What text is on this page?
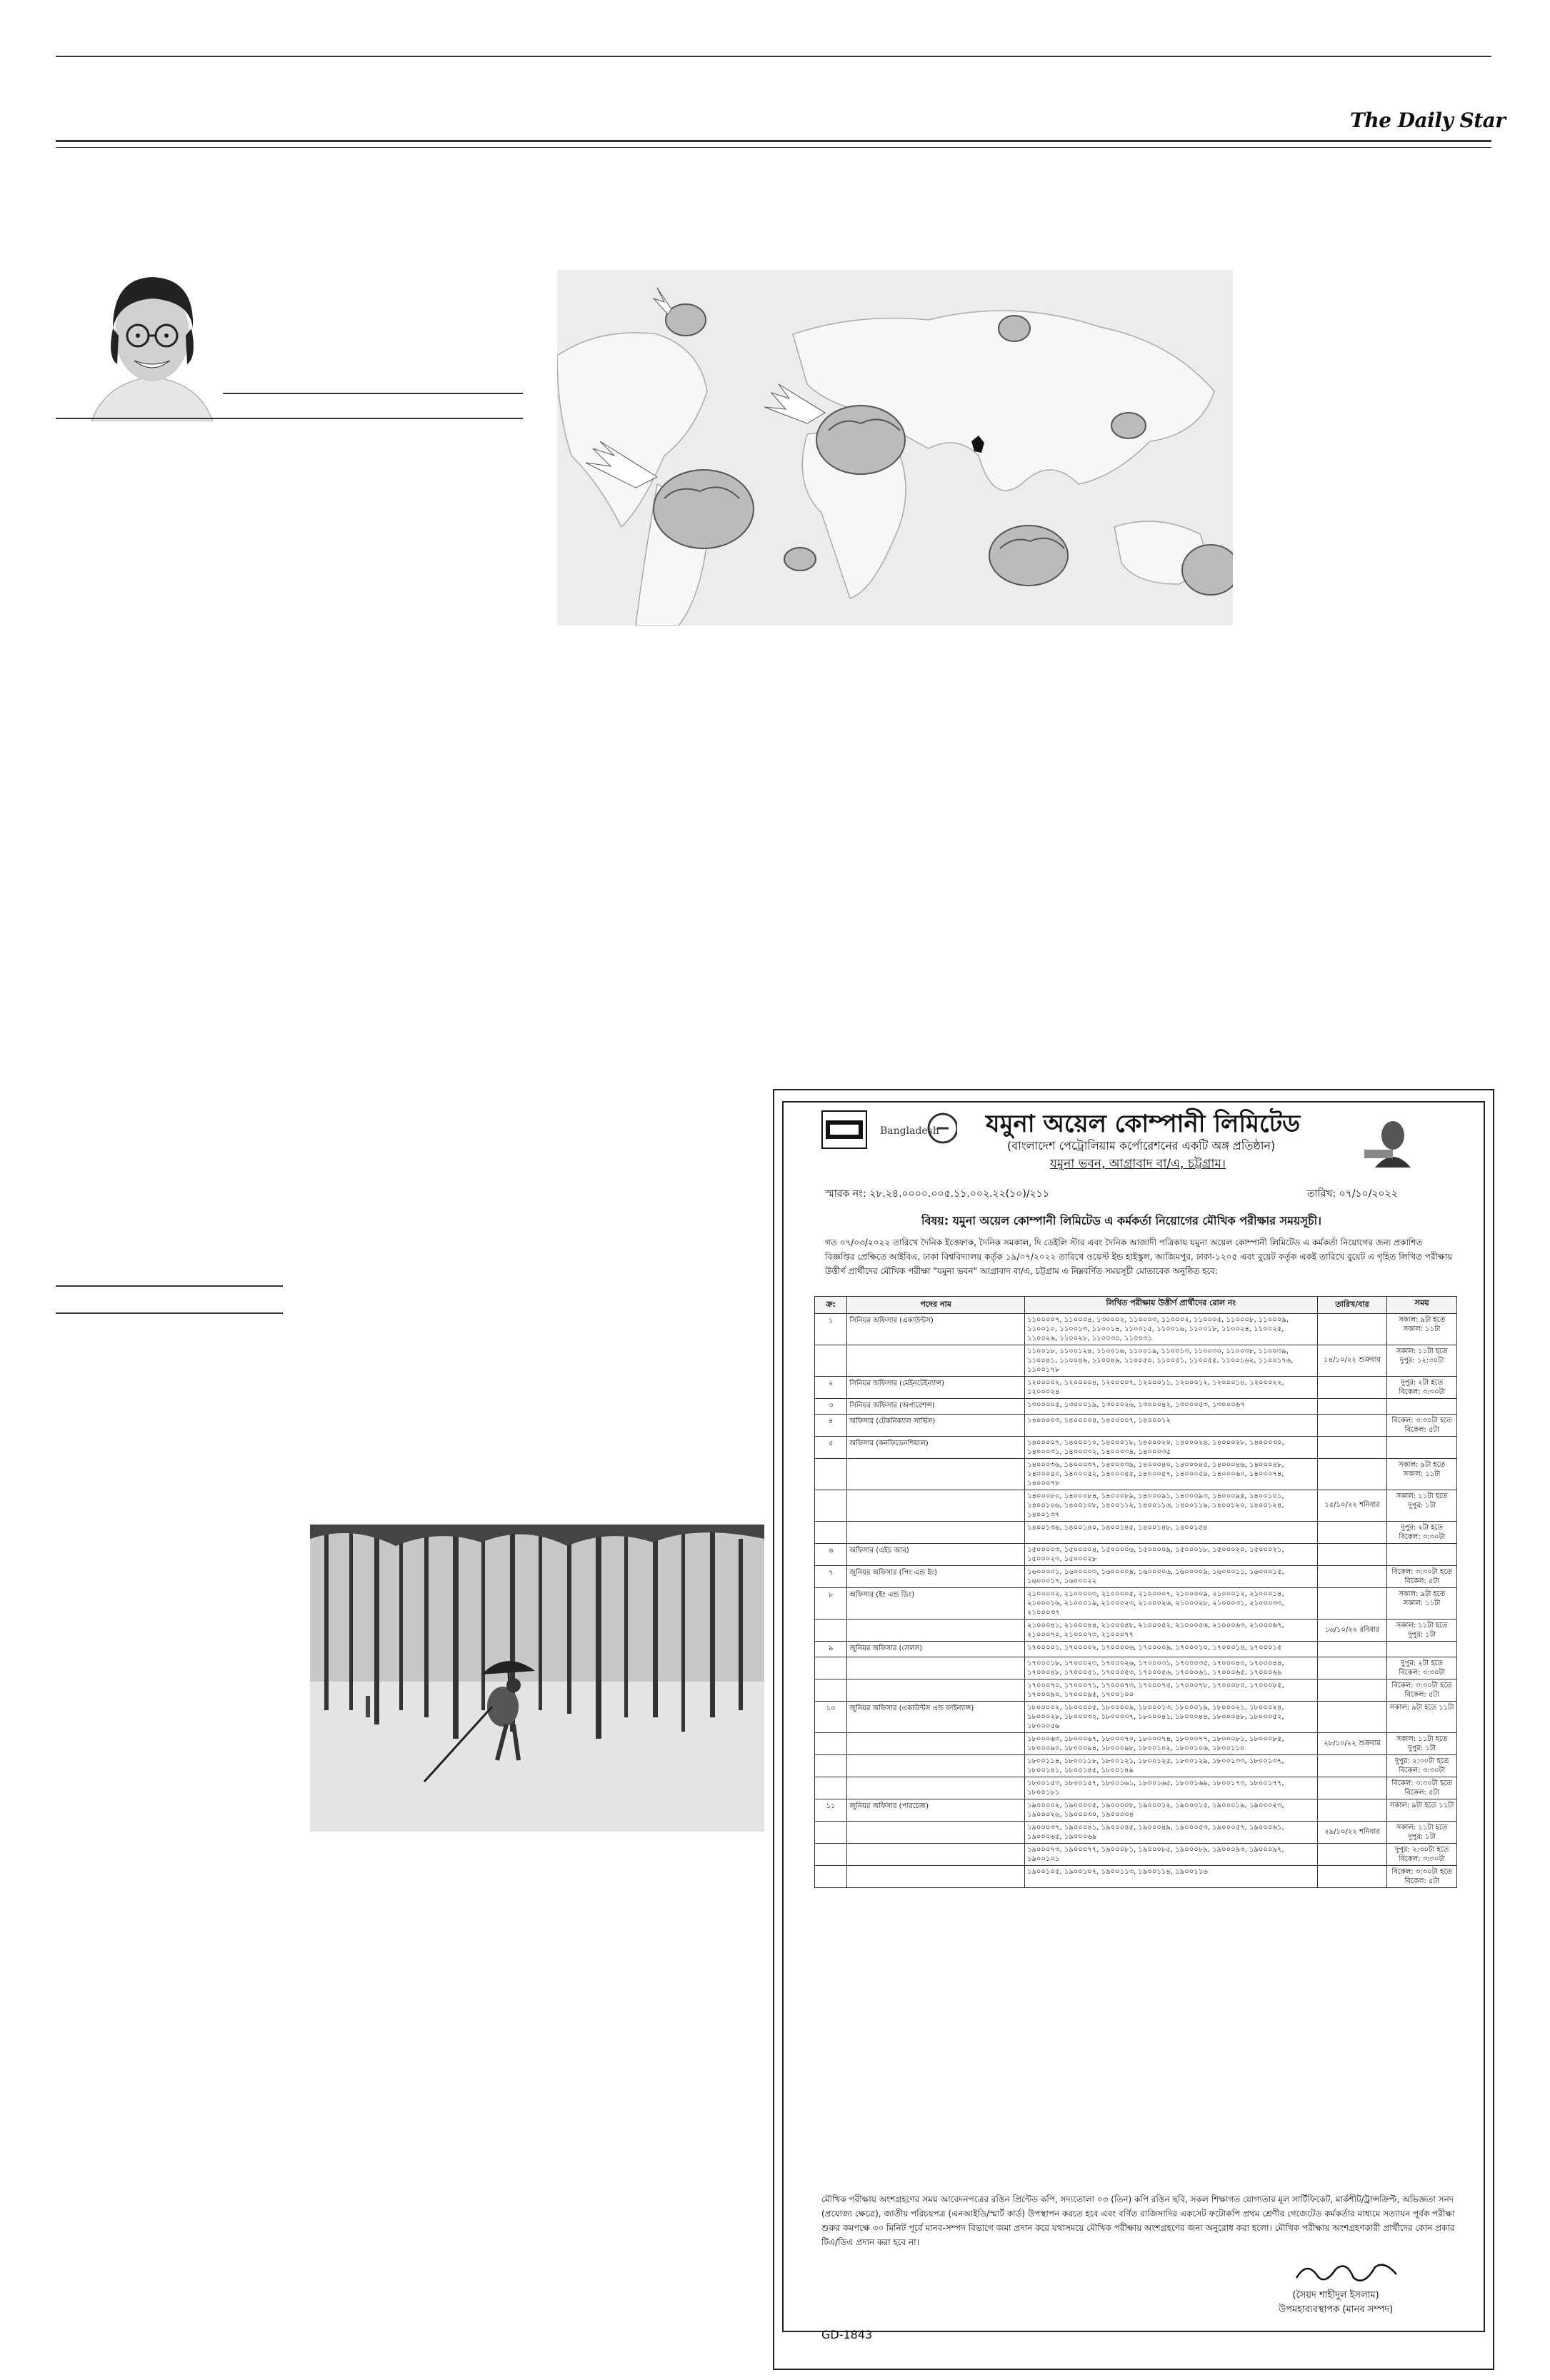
The Daily Star
Bangladesh যমুনা অয়েল কোম্পানী লিমিটেড
(বাংলাদেশ পেট্রোলিয়াম কর্পোরেশনের একটি অঙ্গ প্রতিষ্ঠান)
যমুনা ভবন, আগ্রাবাদ বা/এ, চট্টগ্রাম।
স্মারক নং: ২৮.২৪.০০০০.০০৫.১১.০০২.২২(১০)/২১১	তারিখ: ০৭/১০/২০২২
বিষয়: যমুনা অয়েল কোম্পানী লিমিটেড এ কর্মকর্তা নিয়োগের মৌখিক পরীক্ষার সময়সূচী।
গত ০৭/০৩/২০২২ তারিখে দৈনিক ইত্তেফাক, দৈনিক সমকাল, দি ডেইলি স্টার এবং দৈনিক আজাদী পত্রিকায় যমুনা অয়েল কোম্পানী লিমিটেড এ কর্মকর্তা নিয়োগের জন্য প্রকাশিত বিজ্ঞপ্তির প্রেক্ষিতে আইবিএ, ঢাকা বিশ্ববিদ্যালয় কর্তৃক ১৯/০৭/২০২২ তারিখে ওয়েস্ট ইন্ড হাইস্কুল, আজিমপুর, ঢাকা-১২০৫ এবং বুয়েট কর্তৃক একই তারিখে বুয়েট এ গৃহিত লিখিত পরীক্ষায় উত্তীর্ণ প্রার্থীদের মৌখিক পরীক্ষা "যমুনা ভবন" আগ্রাবাদ বা/এ, চট্টগ্রাম এ নিম্নবর্ণিত সময়সূচী মোতাবেক অনুষ্ঠিত হবে:
ক্র:	পদের নাম	লিখিত পরীক্ষায় উত্তীর্ণ প্রার্থীদের রোল নং	তারিখ/বার	সময়
১	সিনিয়র অফিসার (একাউন্টস)	১১০০০০৭, ১১০০০৪, ১৩০০০২, ১১০০০৩, ১১০০০২, ১১০০০৫, ১১০০০৮, ১১০০০৯, ১১০০১০, ১১০০১৩, ১১০০১৪, ১১০০১৫, ১১০০১৬, ১১০০১৮, ১১০০২৪, ১১০০২৫, ১১০০২৬, ১১০০২৮, ১১০০৩০, ১১০০৩১		সকাল: ৯টা হতে সকাল: ১১টা
		১১০০১৮, ১১০০১২৪, ১১০০১৬, ১১০০১৯, ১১০০১৩, ১১০০৩০, ১১০০৩৮, ১১০০৩৯, ১১০০৪১, ১১০০৪৬, ১১০০৪৯, ১১০০৫০, ১১০০৫১, ১১০০৫৫, ১১০০১৬২, ১১০০১৭৬, ১১০০১৭৮	১৪/১০/২২ শুক্রবার	সকাল: ১১টা হতে দুপুর: ১২:৩০টা
২	সিনিয়র অফিসার (মেইনটেইন্যান্স)	১২০০০০২, ১২০০০০৪, ১২০০০০৭, ১২০০০১১, ১২০০০১২, ১২০০০১৪, ১২০০০২২, ১২০০০২৪		দুপুর: ২টা হতে বিকেল: ৩:৩০টা
৩	সিনিয়র অফিসার (অপারেশন্স)	১৩০০০০৫, ১৩০০০১৯, ১৩০০০২৬, ১৩০০০৪২, ১৩০০০৫৩, ১৩০০০৬৭		
৪	অফিসার (টেকনিক্যাল সার্ভিস)	১৪০০০০৩, ১৪০০০০৪, ১৪০০০০৭, ১৪০০০১২		বিকেল: ৩:৩০টা হতে বিকেল: ৫টা
৫	অফিসার (কনফিডেনশিয়াল)	১৪০০০০৭, ১৪০০০১০, ১৪০০০১৮, ১৪০০০২০, ১৪০০০২৪, ১৪০০০২৮, ১৪০০০৩০, ১৪০০০৩১, ১৪০০০৩২, ১৪০০০৩৪, ১৪০০০৩৫		
		১৪০০০৩৬, ১৪০০০৩৭, ১৪০০০৩৯, ১৪০০০৪০, ১৪০০০৪৫, ১৪০০০৪৬, ১৪০০০৪৮, ১৪০০০৫০, ১৪০০০৫২, ১৪০০০৫৫, ১৪০০০৫৭, ১৪০০০৫৯, ১৪০০০৬০, ১৪০০০৭৪, ১৪০০০৭৮		সকাল: ৯টা হতে সকাল: ১১টা
		১৪০০০৮০, ১৪০০০৮৪, ১৪০০০৮৯, ১৪০০০৯১, ১৪০০০৯৩, ১৪০০০৯৫, ১৪০০১০১, ১৪০০১০৬, ১৪০০১০৮, ১৪০০১১২, ১৪০০১১৬, ১৪০০১১৯, ১৪০০১২০, ১৪০০১২৪, ১৪০০১৩৭	১৫/১০/২২ শনিবার	সকাল: ১১টা হতে দুপুর: ১টা
		১৪০০১৩৯, ১৪০০১৪০, ১৪০০১৪৫, ১৪০০১৪৮, ১৪০০১৫৪		দুপুর: ২টা হতে বিকেল: ৩:৩০টা
৬	অফিসার (এইচ আর)	১৫০০০০৩, ১৫০০০০৪, ১৫০০০০৬, ১৫০০০০৯, ১৫০০০১৮, ১৫০০০২০, ১৫০০০২১, ১৫০০০২৩, ১৫০০০২৮		
৭	জুনিয়র অফিসার (পিং এন্ড ইং)	১৬০০০০১, ১৬০০০০৩, ১৬০০০০৪, ১৬০০০০৬, ১৬০০০০৯, ১৬০০০১১, ১৬০০০১৫, ১৬০০০১৭, ১৬০০০২২		বিকেল: ৩:৩০টা হতে বিকেল: ৫টা
৮	অফিসার (ইং এন্ড ডিং)	২১০০০০২, ২১০০০০৩, ২১০০০০৫, ২১০০০০৭, ২১০০০০৯, ২১০০০১২, ২১০০০১৪, ২১০০০১৬, ২১০০০১৯, ২১০০০২৩, ২১০০০২৬, ২১০০০২৮, ২১০০০৩১, ২১০০০৩৩, ২১০০০৩৭		সকাল: ৯টা হতে সকাল: ১১টা
		২১০০০৪১, ২১০০০৪৪, ২১০০০৪৮, ২১০০০৫২, ২১০০০৫৬, ২১০০০৬৩, ২১০০০৬৭, ২১০০০৭০, ২১০০০৭৩, ২১০০০৭৭	১৬/১০/২২ রবিবার	সকাল: ১১টা হতে দুপুর: ১টা
৯	জুনিয়র অফিসার (সেলস)	১৭০০০০১, ১৭০০০০২, ১৭০০০০৬, ১৭০০০০৯, ১৭০০০১০, ১৭০০০১৪, ১৭০০০১৫		
		১৭০০০১৮, ১৭০০০২৩, ১৭০০০২৬, ১৭০০০৩১, ১৭০০০৩৫, ১৭০০০৪০, ১৭০০০৪৪, ১৭০০০৪৮, ১৭০০০৫১, ১৭০০০৫৩, ১৭০০০৫৬, ১৭০০০৬১, ১৭০০০৬৫, ১৭০০০৬৯		দুপুর: ২টা হতে বিকেল: ৩:৩০টা
		১৭০০০৭০, ১৭০০০৭১, ১৭০০০৭৩, ১৭০০০৭৫, ১৭০০০৭৮, ১৭০০০৮০, ১৭০০০৮৫, ১৭০০০৯০, ১৭০০০৯৫, ১৭০০১০০		বিকেল: ৩:৩০টা হতে বিকেল: ৫টা
১০	জুনিয়র অফিসার (একাউন্টস এন্ড ফাইন্যান্স)	১৮০০০০২, ১৮০০০০৫, ১৮০০০০৯, ১৮০০০১৩, ১৮০০০১৯, ১৮০০০২১, ১৮০০০২৪, ১৮০০০২৮, ১৮০০০৩২, ১৮০০০৩৭, ১৮০০০৪১, ১৮০০০৪৪, ১৮০০০৪৮, ১৮০০০৫২, ১৮০০০৫৬		সকাল: ৯টা হতে ১১টা
		১৮০০০৬৩, ১৮০০০৬৭, ১৮০০০৭০, ১৮০০০৭৪, ১৮০০০৭৭, ১৮০০০৮১, ১৮০০০৮৫, ১৮০০০৯০, ১৮০০০৯৪, ১৮০০০৯৮, ১৮০০১০২, ১৮০০১০৬, ১৮০০১১০	২৮/১০/২২ শুক্রবার	সকাল: ১১টা হতে দুপুর: ১টা
		১৮০০১১৪, ১৮০০১১৮, ১৮০০১২১, ১৮০০১২৫, ১৮০০১২৯, ১৮০০১৩৩, ১৮০০১৩৭, ১৮০০১৪১, ১৮০০১৪৫, ১৮০০১৪৯		দুপুর: ২:৩০টা হতে বিকেল: ৩:৩০টা
		১৮০০১৫৩, ১৮০০১৫৭, ১৮০০১৬১, ১৮০০১৬৫, ১৮০০১৬৯, ১৮০০১৭৩, ১৮০০১৭৭, ১৮০০১৮১		বিকেল: ৩:৩০টা হতে বিকেল: ৫টা
১১	জুনিয়র অফিসার (পারচেজ)	১৯০০০০২, ১৯০০০০৫, ১৯০০০০৮, ১৯০০০১২, ১৯০০০১৫, ১৯০০০১৯, ১৯০০০২৩, ১৯০০০২৬, ১৯০০০৩০, ১৯০০০৩৪		সকাল: ৯টা হতে ১১টা
		১৯০০০৩৭, ১৯০০০৪১, ১৯০০০৪৫, ১৯০০০৪৯, ১৯০০০৫৩, ১৯০০০৫৭, ১৯০০০৬১, ১৯০০০৬৫, ১৯০০০৬৯	২৯/১০/২২ শনিবার	সকাল: ১১টা হতে দুপুর: ১টা
		১৯০০০৭৩, ১৯০০০৭৭, ১৯০০০৮১, ১৯০০০৮৫, ১৯০০০৮৯, ১৯০০০৯৩, ১৯০০০৯৭, ১৯০০১০১		দুপুর: ২:৩০টা হতে বিকেল: ৩:৩০টা
		১৯০০১০৫, ১৯০০১০৭, ১৯০০১১৩, ১৯০০১১৪, ১৯০০১১৬		বিকেল: ৩:৩০টা হতে বিকেল: ৫টা
মৌখিক পরীক্ষায় অংশগ্রহণের সময় আবেদনপত্রের রঙিন প্রিন্টেড কপি, সদ্যতোলা ০৩ (তিন) কপি রঙিন ছবি, সকল শিক্ষাগত যোগ্যতার মূল সার্টিফিকেট, মার্কশীট/ট্রান্সক্রিপ্ট, অভিজ্ঞতা সনদ (প্রযোজ্য ক্ষেত্রে), জাতীয় পরিচয়পত্র (এনআইডি/স্মার্ট কার্ড) উপস্থাপন করতে হবে এবং বর্ণিত রাজিসাদির একসেট ফটোকপি প্রথম শ্রেণীর গেজেটেড কর্মকর্তার মাধ্যমে সত্যায়ন পূর্বক পরীক্ষা শুরুর কমপক্ষে ৩০ মিনিট পূর্বে মানব-সম্পদ বিভাগে জমা প্রদান করে যথাসময়ে মৌখিক পরীক্ষায় অংশগ্রহণের জন্য অনুরোধ করা হলো। মৌখিক পরীক্ষায় অংশগ্রহণকারী প্রার্থীদের কোন প্রকার টিএ/ডিএ প্রদান করা হবে না।
(সৈয়দ শাহীদুল ইসলাম)
উপমহাব্যবস্থাপক (মানব সম্পদ)
GD-1843
